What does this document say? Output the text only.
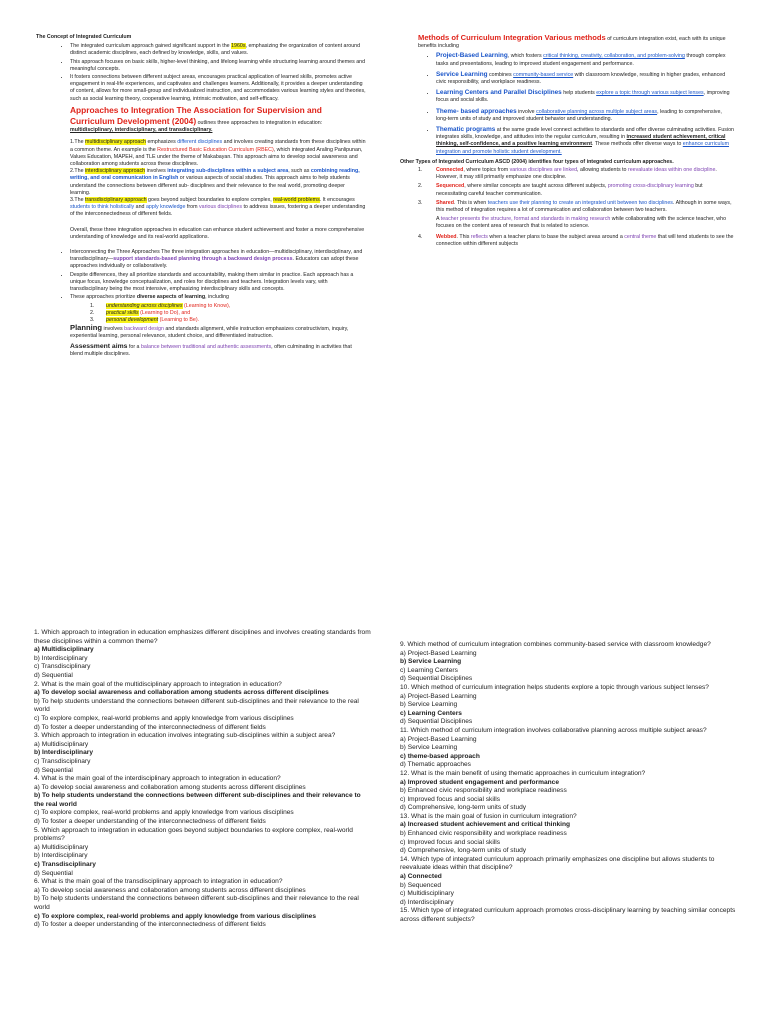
The Concept of Integrated Curriculum

• The integrated curriculum approach gained significant support in the 1960s, emphasizing the organization of content around distinct academic disciplines, each defined by knowledge, skills, and values.
• This approach focuses on basic skills, higher-level thinking, and lifelong learning while structuring learning around themes and meaningful concepts.
• It fosters connections between different subject areas, encourages practical application of learned skills, promotes active engagement in real-life experiences, and captivates and challenges learners. Additionally, it provides a deeper understanding of content, allows for more small-group and individualized instruction, and accommodates various learning styles and theories, such as social learning theory, cooperative learning, intrinsic motivation, and self-efficacy.

Approaches to Integration The Association for Supervision and Curriculum Development (2004) outlines three approaches to integration in education: multidisciplinary, interdisciplinary, and transdisciplinary.

1.The multidisciplinary approach emphasizes different disciplines and involves creating standards from these disciplines within a common theme. An example is the Restructured Basic Education Curriculum (RBEC), which integrated Araling Panlipunan, Values Education, MAPEH, and TLE under the theme of Makabayan. This approach aims to develop social awareness and collaboration among students across these disciplines.

2.The interdisciplinary approach involves integrating sub-disciplines within a subject area, such as combining reading, writing, and oral communication in English or various aspects of social studies. This approach aims to help students understand the connections between different sub- disciplines and their relevance to the real world, promoting deeper learning.

3.The transdisciplinary approach goes beyond subject boundaries to explore complex, real-world problems. It encourages students to think holistically and apply knowledge from various disciplines to address issues, fostering a deeper understanding of the interconnectedness of different fields.

Overall, these three integration approaches in education can enhance student achievement and foster a more comprehensive understanding of knowledge and its real-world applications.

• Interconnecting the Three Approaches The three integration approaches in education—multidisciplinary, interdisciplinary, and transdisciplinary—support standards-based planning through a backward design process. Educators can adopt these approaches individually or collaboratively.
• Despite differences, they all prioritize standards and accountability, making them similar in practice. Each approach has a unique focus, knowledge conceptualization, and roles for disciplines and teachers. Integration levels vary, with transdisciplinary being the most intensive, emphasizing interdisciplinary skills and concepts.
• These approaches prioritize diverse aspects of learning, including
1. understanding across disciplines (Learning to Know),
2. practical skills (Learning to Do), and
3. personal development (Learning to Be).

Planning involves backward design and standards alignment, while instruction emphasizes constructivism, inquiry, experiential learning, personal relevance, student choice, and differentiated instruction.

Assessment aims for a balance between traditional and authentic assessments, often culminating in activities that blend multiple disciplines.

Methods of Curriculum Integration Various methods of curriculum integration exist, each with its unique benefits including

• Project-Based Learning, which fosters critical thinking, creativity, collaboration, and problem-solving through complex tasks and presentations, leading to improved student engagement and performance.
• Service Learning combines community-based service with classroom knowledge, resulting in higher grades, enhanced civic responsibility, and workplace readiness.
• Learning Centers and Parallel Disciplines help students explore a topic through various subject lenses, improving focus and social skills.
• Theme- based approaches involve collaborative planning across multiple subject areas, leading to comprehensive, long-term units of study and improved student behavior and understanding.
• Thematic programs at the same grade level connect activities to standards and offer diverse culminating activities. Fusion integrates skills, knowledge, and attitudes into the regular curriculum, resulting in increased student achievement, critical thinking, self-confidence, and a positive learning environment. These methods offer diverse ways to enhance curriculum integration and promote holistic student development.

Other Types of Integrated Curriculum ASCD (2004) identifies four types of integrated curriculum approaches.

1.	Connected, where topics from various disciplines are linked, allowing students to reevaluate ideas within one discipline. However, it may still primarily emphasize one discipline.
2.	Sequenced, where similar concepts are taught across different subjects, promoting cross-disciplinary learning but necessitating careful teacher communication.
3.	Shared. This is when teachers use their planning to create an integrated unit between two disciplines. Although in some ways, this method of integration requires a lot of communication and collaboration between two teachers.

A teacher presents the structure, format and standards in making research while collaborating with the science teacher, who focuses on the content area of research that is related to science.

4.	Webbed. This reflects when a teacher plans to base the subject areas around a central theme that will tend students to see the connection within different subjects

1. Which approach to integration in education emphasizes different disciplines and involves creating standards from these disciplines within a common theme?

a) Multidisciplinary

b) Interdisciplinary

c) Transdisciplinary

d) Sequential

2. What is the main goal of the multidisciplinary approach to integration in education?

a) To develop social awareness and collaboration among students across different disciplines

b) To help students understand the connections between different sub-disciplines and their relevance to the real world

c) To explore complex, real-world problems and apply knowledge from various disciplines

d) To foster a deeper understanding of the interconnectedness of different fields

3. Which approach to integration in education involves integrating sub-disciplines within a subject area?

a) Multidisciplinary

b) Interdisciplinary

c) Transdisciplinary

d) Sequential

4. What is the main goal of the interdisciplinary approach to integration in education?

a) To develop social awareness and collaboration among students across different disciplines

b) To help students understand the connections between different sub-disciplines and their relevance to the real world

c) To explore complex, real-world problems and apply knowledge from various disciplines

d) To foster a deeper understanding of the interconnectedness of different fields

5. Which approach to integration in education goes beyond subject boundaries to explore complex, real-world problems?

a) Multidisciplinary

b) Interdisciplinary

c) Transdisciplinary

d) Sequential

6. What is the main goal of the transdisciplinary approach to integration in education?

a) To develop social awareness and collaboration among students across different disciplines

b) To help students understand the connections between different sub-disciplines and their relevance to the real world

c) To explore complex, real-world problems and apply knowledge from various disciplines

d) To foster a deeper understanding of the interconnectedness of different fields

9. Which method of curriculum integration combines community-based service with classroom knowledge?

a) Project-Based Learning

b) Service Learning

c) Learning Centers

d) Sequential Disciplines

10. Which method of curriculum integration helps students explore a topic through various subject lenses?

a) Project-Based Learning

b) Service Learning

c) Learning Centers

d) Sequential Disciplines

11. Which method of curriculum integration involves collaborative planning across multiple subject areas?

a) Project-Based Learning

b) Service Learning

c) theme-based approach

d) Thematic approaches

12. What is the main benefit of using thematic approaches in curriculum integration?

a) Improved student engagement and performance

b) Enhanced civic responsibility and workplace readiness

c) Improved focus and social skills

d) Comprehensive, long-term units of study

13. What is the main goal of fusion in curriculum integration?

a) Increased student achievement and critical thinking

b) Enhanced civic responsibility and workplace readiness

c) Improved focus and social skills

d) Comprehensive, long-term units of study

14. Which type of integrated curriculum approach primarily emphasizes one discipline but allows students to reevaluate ideas within that discipline?

a) Connected

b) Sequenced

c) Multidisciplinary

d) Interdisciplinary

15. Which type of integrated curriculum approach promotes cross-disciplinary learning by teaching similar concepts across different subjects?
